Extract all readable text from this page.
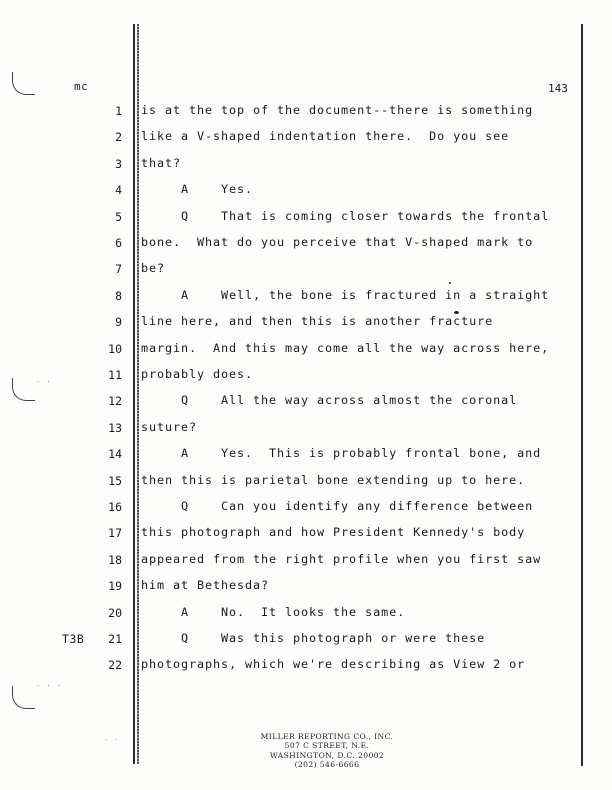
· ·
· · ·
· ·
mc	143
1 is at the top of the document--there is something
2 like a V-shaped indentation there.  Do you see
3 that?
4 A    Yes.
5 Q    That is coming closer towards the frontal
6 bone.  What do you perceive that V-shaped mark to
7 be?
8 A    Well, the bone is fractured in a straight
9 line here, and then this is another fracture
10 margin.  And this may come all the way across here,
11 probably does.
12 Q    All the way across almost the coronal
13 suture?
14 A    Yes.  This is probably frontal bone, and
15 then this is parietal bone extending up to here.
16 Q    Can you identify any difference between
17 this photograph and how President Kennedy's body
18 appeared from the right profile when you first saw
19 him at Bethesda?
20 A    No.  It looks the same.
21 Q    Was this photograph or were these
22 photographs, which we're describing as View 2 or
T3B
MILLER REPORTING CO., INC.
507 C STREET, N.E.
WASHINGTON, D.C. 20002
(202) 546-6666
